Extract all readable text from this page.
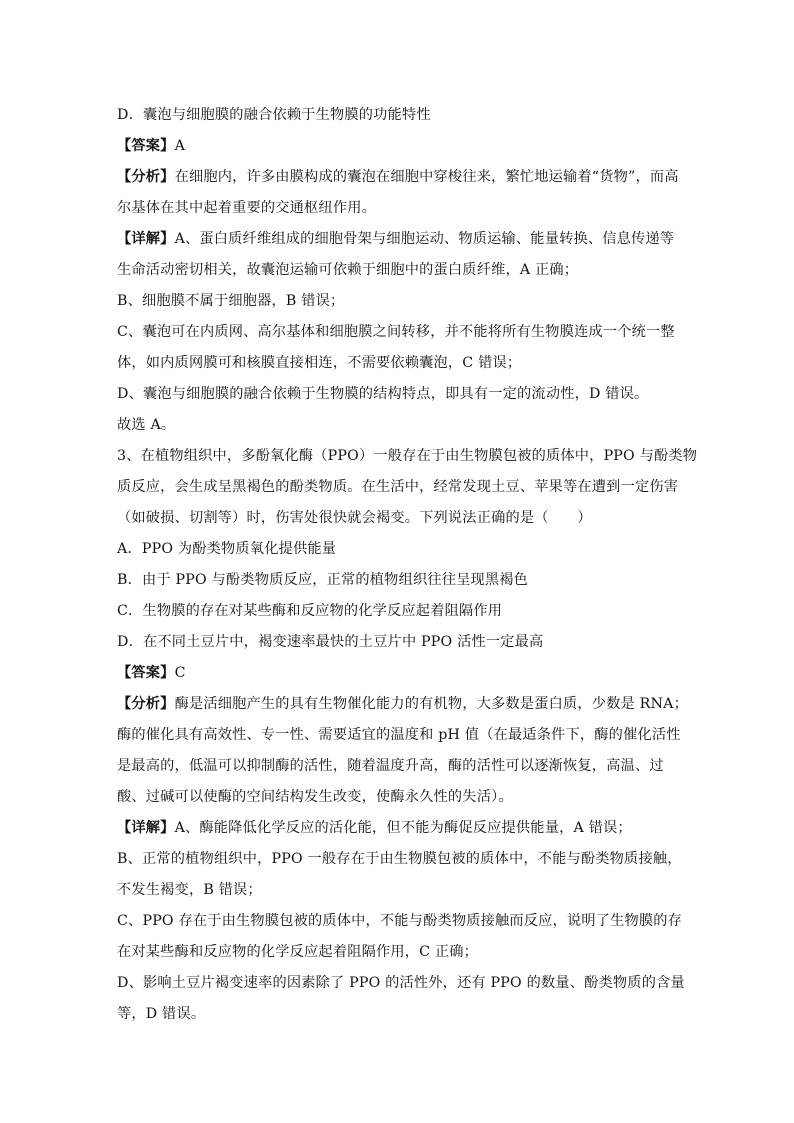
D．囊泡与细胞膜的融合依赖于生物膜的功能特性

【答案】A

【分析】在细胞内，许多由膜构成的囊泡在细胞中穿梭往来，繁忙地运输着“货物”，而高

尔基体在其中起着重要的交通枢纽作用。

【详解】A、蛋白质纤维组成的细胞骨架与细胞运动、物质运输、能量转换、信息传递等

生命活动密切相关，故囊泡运输可依赖于细胞中的蛋白质纤维，A 正确；

B、细胞膜不属于细胞器，B 错误；

C、囊泡可在内质网、高尔基体和细胞膜之间转移，并不能将所有生物膜连成一个统一整

体，如内质网膜可和核膜直接相连，不需要依赖囊泡，C 错误；

D、囊泡与细胞膜的融合依赖于生物膜的结构特点，即具有一定的流动性，D 错误。

故选 A。

3、在植物组织中，多酚氧化酶（PPO）一般存在于由生物膜包被的质体中，PPO 与酚类物

质反应，会生成呈黑褐色的酚类物质。在生活中，经常发现土豆、苹果等在遭到一定伤害

（如破损、切割等）时，伤害处很快就会褐变。下列说法正确的是（　　）

A．PPO 为酚类物质氧化提供能量

B．由于 PPO 与酚类物质反应，正常的植物组织往往呈现黑褐色

C．生物膜的存在对某些酶和反应物的化学反应起着阻隔作用

D．在不同土豆片中，褐变速率最快的土豆片中 PPO 活性一定最高

【答案】C

【分析】酶是活细胞产生的具有生物催化能力的有机物，大多数是蛋白质，少数是 RNA；

酶的催化具有高效性、专一性、需要适宜的温度和 pH 值（在最适条件下，酶的催化活性

是最高的，低温可以抑制酶的活性，随着温度升高，酶的活性可以逐渐恢复，高温、过

酸、过碱可以使酶的空间结构发生改变，使酶永久性的失活）。

【详解】A、酶能降低化学反应的活化能，但不能为酶促反应提供能量，A 错误；

B、正常的植物组织中，PPO 一般存在于由生物膜包被的质体中，不能与酚类物质接触，

不发生褐变，B 错误；

C、PPO 存在于由生物膜包被的质体中，不能与酚类物质接触而反应，说明了生物膜的存

在对某些酶和反应物的化学反应起着阻隔作用，C 正确；

D、影响土豆片褐变速率的因素除了 PPO 的活性外，还有 PPO 的数量、酚类物质的含量

等，D 错误。
